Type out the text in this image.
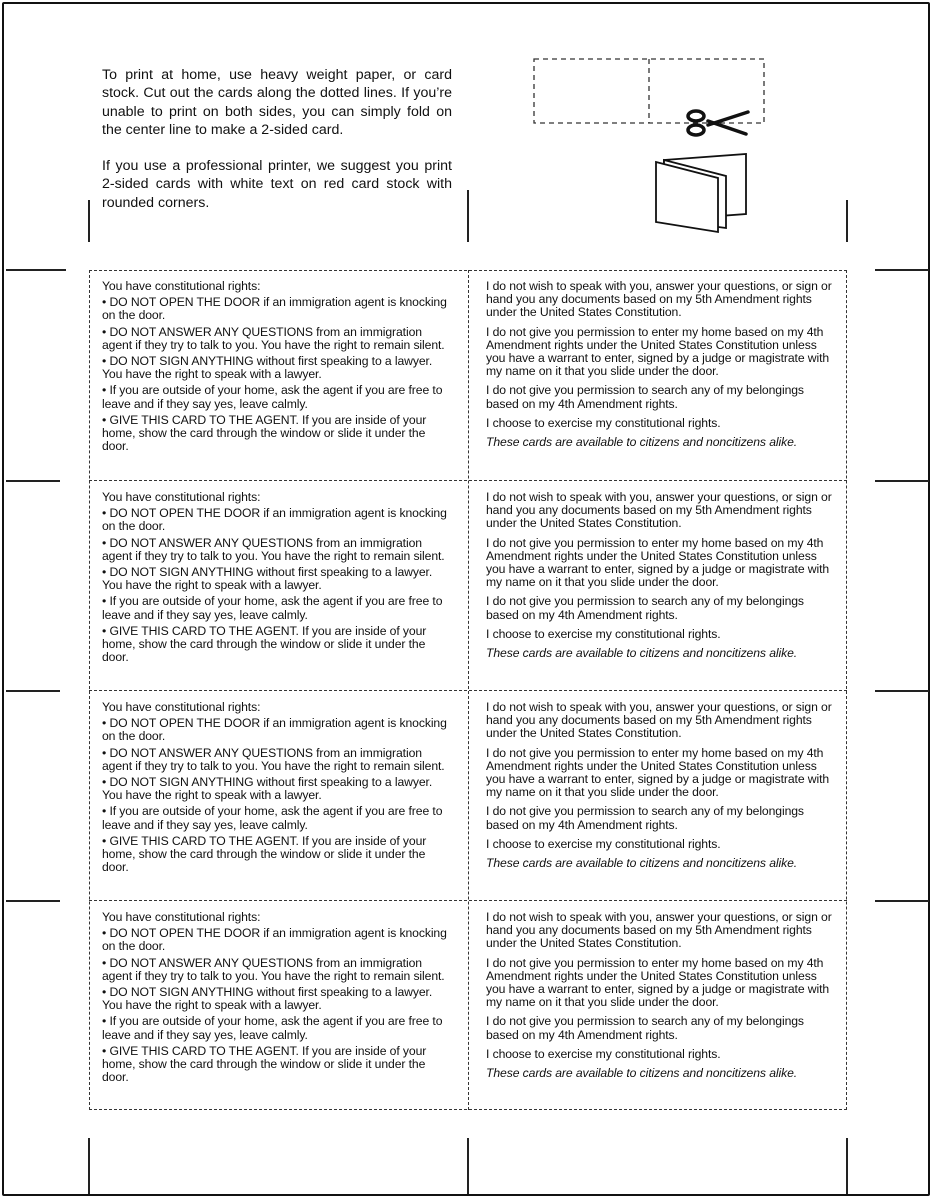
To print at home, use heavy weight paper, or card stock. Cut out the cards along the dotted lines. If you’re unable to print on both sides, you can simply fold on the center line to make a 2-sided card.

If you use a professional printer, we suggest you print 2-sided cards with white text on red card stock with rounded corners.

You have constitutional rights:
• DO NOT OPEN THE DOOR if an immigration agent is knocking on the door.
• DO NOT ANSWER ANY QUESTIONS from an immigration agent if they try to talk to you. You have the right to remain silent.
• DO NOT SIGN ANYTHING without first speaking to a lawyer. You have the right to speak with a lawyer.
• If you are outside of your home, ask the agent if you are free to leave and if they say yes, leave calmly.
• GIVE THIS CARD TO THE AGENT. If you are inside of your home, show the card through the window or slide it under the door.
I do not wish to speak with you, answer your questions, or sign or hand you any documents based on my 5th Amendment rights under the United States Constitution.
I do not give you permission to enter my home based on my 4th Amendment rights under the United States Constitution unless you have a warrant to enter, signed by a judge or magistrate with my name on it that you slide under the door.
I do not give you permission to search any of my belongings based on my 4th Amendment rights.
I choose to exercise my constitutional rights.
These cards are available to citizens and noncitizens alike.
You have constitutional rights:
• DO NOT OPEN THE DOOR if an immigration agent is knocking on the door.
• DO NOT ANSWER ANY QUESTIONS from an immigration agent if they try to talk to you. You have the right to remain silent.
• DO NOT SIGN ANYTHING without first speaking to a lawyer. You have the right to speak with a lawyer.
• If you are outside of your home, ask the agent if you are free to leave and if they say yes, leave calmly.
• GIVE THIS CARD TO THE AGENT. If you are inside of your home, show the card through the window or slide it under the door.
I do not wish to speak with you, answer your questions, or sign or hand you any documents based on my 5th Amendment rights under the United States Constitution.
I do not give you permission to enter my home based on my 4th Amendment rights under the United States Constitution unless you have a warrant to enter, signed by a judge or magistrate with my name on it that you slide under the door.
I do not give you permission to search any of my belongings based on my 4th Amendment rights.
I choose to exercise my constitutional rights.
These cards are available to citizens and noncitizens alike.
You have constitutional rights:
• DO NOT OPEN THE DOOR if an immigration agent is knocking on the door.
• DO NOT ANSWER ANY QUESTIONS from an immigration agent if they try to talk to you. You have the right to remain silent.
• DO NOT SIGN ANYTHING without first speaking to a lawyer. You have the right to speak with a lawyer.
• If you are outside of your home, ask the agent if you are free to leave and if they say yes, leave calmly.
• GIVE THIS CARD TO THE AGENT. If you are inside of your home, show the card through the window or slide it under the door.
I do not wish to speak with you, answer your questions, or sign or hand you any documents based on my 5th Amendment rights under the United States Constitution.
I do not give you permission to enter my home based on my 4th Amendment rights under the United States Constitution unless you have a warrant to enter, signed by a judge or magistrate with my name on it that you slide under the door.
I do not give you permission to search any of my belongings based on my 4th Amendment rights.
I choose to exercise my constitutional rights.
These cards are available to citizens and noncitizens alike.
You have constitutional rights:
• DO NOT OPEN THE DOOR if an immigration agent is knocking on the door.
• DO NOT ANSWER ANY QUESTIONS from an immigration agent if they try to talk to you. You have the right to remain silent.
• DO NOT SIGN ANYTHING without first speaking to a lawyer. You have the right to speak with a lawyer.
• If you are outside of your home, ask the agent if you are free to leave and if they say yes, leave calmly.
• GIVE THIS CARD TO THE AGENT. If you are inside of your home, show the card through the window or slide it under the door.
I do not wish to speak with you, answer your questions, or sign or hand you any documents based on my 5th Amendment rights under the United States Constitution.
I do not give you permission to enter my home based on my 4th Amendment rights under the United States Constitution unless you have a warrant to enter, signed by a judge or magistrate with my name on it that you slide under the door.
I do not give you permission to search any of my belongings based on my 4th Amendment rights.
I choose to exercise my constitutional rights.
These cards are available to citizens and noncitizens alike.
